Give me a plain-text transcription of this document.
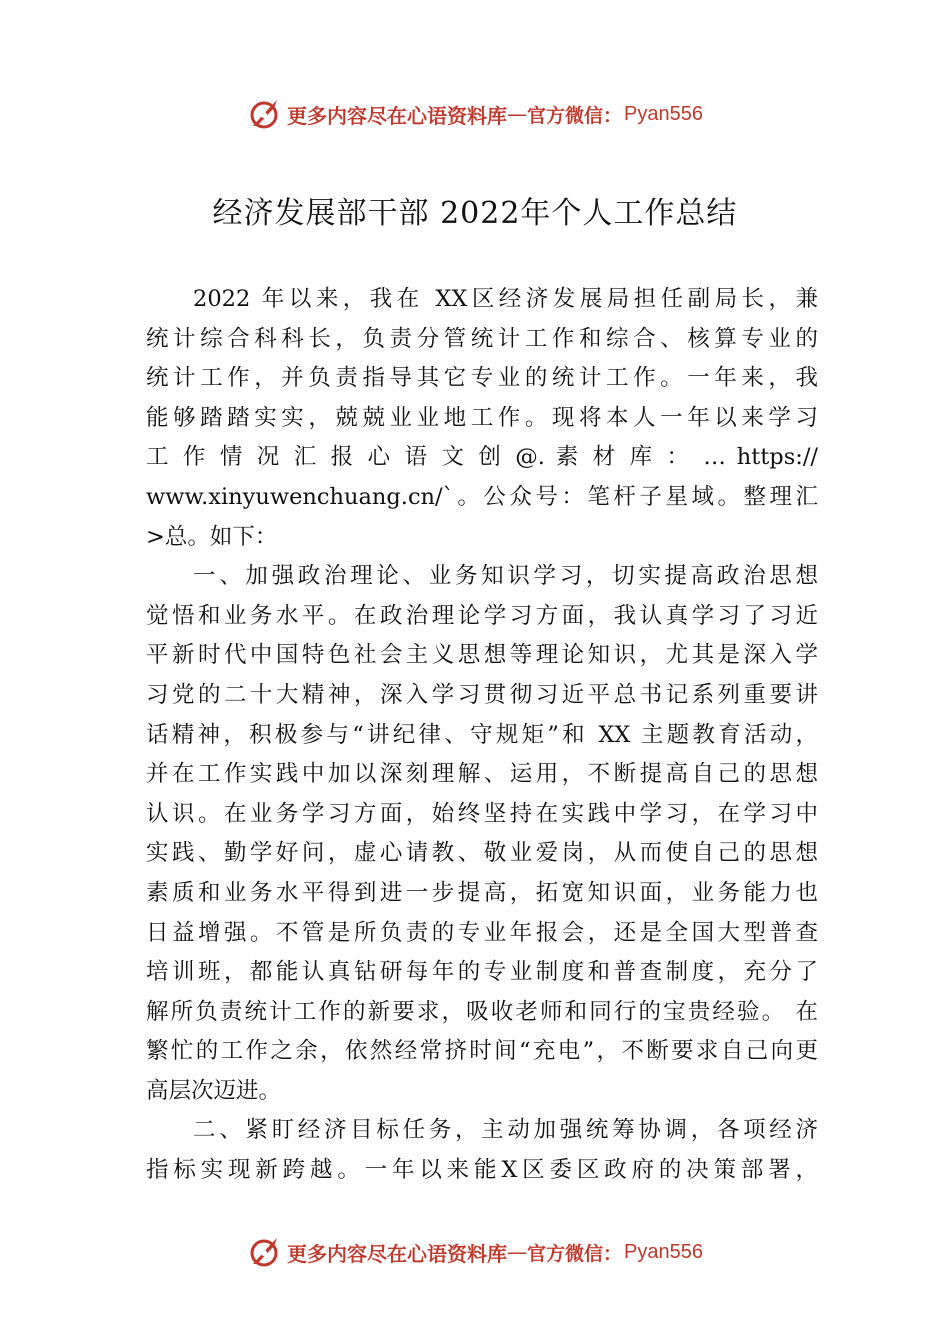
更多内容尽在心语资料库 — 官方微信： Pyan556
经济发展部干部 2022年个人工作总结
2022 年以来，我在 XX区经济发展局担任副局长，兼
统计综合科科长，负责分管统计工作和综合、核算专业的
统计工作，并负责指导其它专业的统计工作。一年来，我
能够踏踏实实，兢兢业业地工作。现将本人一年以来学习
工 作 情 况 汇 报 心 语 文 创 @. 素 材 库 ： … https://
www.xinyuwenchuang.cn/`。公众号：笔杆子星域。整理汇
>总。如下：
一、加强政治理论、业务知识学习，切实提高政治思想
觉悟和业务水平。在政治理论学习方面，我认真学习了习近
平新时代中国特色社会主义思想等理论知识，尤其是深入学
习党的二十大精神，深入学习贯彻习近平总书记系列重要讲
话精神，积极参与“讲纪律、守规矩”和 XX 主题教育活动，
并在工作实践中加以深刻理解、运用，不断提高自己的思想
认识。在业务学习方面，始终坚持在实践中学习，在学习中
实践、勤学好问，虚心请教、敬业爱岗，从而使自己的思想
素质和业务水平得到进一步提高，拓宽知识面，业务能力也
日益增强。不管是所负责的专业年报会，还是全国大型普查
培训班，都能认真钻研每年的专业制度和普查制度，充分了
解所负责统计工作的新要求，吸收老师和同行的宝贵经验。 在
繁忙的工作之余，依然经常挤时间“充电”，不断要求自己向更
高层次迈进。
二、紧盯经济目标任务，主动加强统筹协调，各项经济
指标实现新跨越。一年以来能X区委区政府的决策部署，
更多内容尽在心语资料库 — 官方微信： Pyan556
